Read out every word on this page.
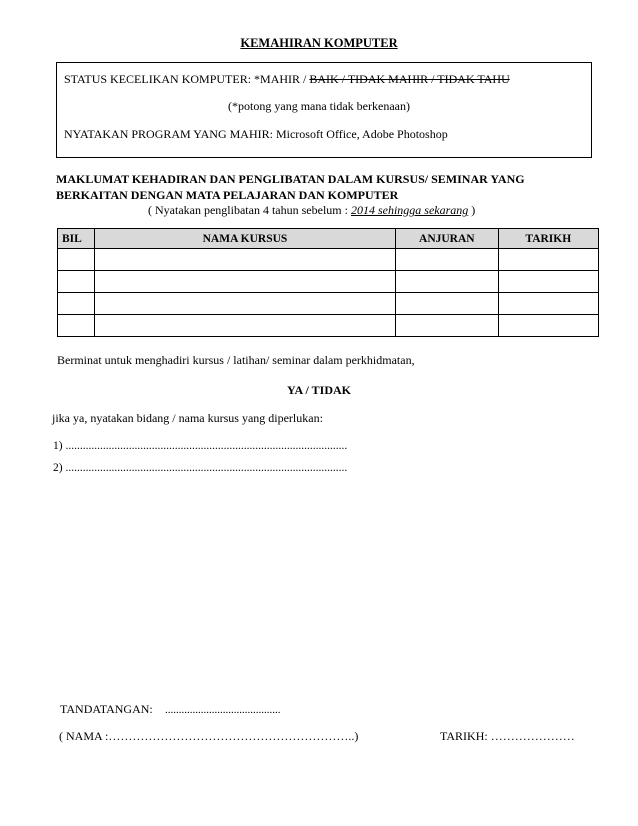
KEMAHIRAN KOMPUTER
STATUS KECELIKAN KOMPUTER: *MAHIR / BAIK / TIDAK MAHIR / TIDAK TAHU
(*potong yang mana tidak berkenaan)
NYATAKAN PROGRAM YANG MAHIR: Microsoft Office, Adobe Photoshop
MAKLUMAT KEHADIRAN DAN PENGLIBATAN DALAM KURSUS/ SEMINAR YANG
BERKAITAN DENGAN MATA PELAJARAN DAN KOMPUTER
( Nyatakan penglibatan 4 tahun sebelum : 2014 sehingga sekarang )
BIL	NAMA KURSUS	ANJURAN	TARIKH

Berminat untuk menghadiri kursus / latihan/ seminar dalam perkhidmatan,
YA / TIDAK
jika ya, nyatakan bidang / nama kursus yang diperlukan:
1) ..................................................................................................
2) ..................................................................................................
TANDATANGAN: ..........................................
( NAMA :……………………………………………………..)	TARIKH: …………………
